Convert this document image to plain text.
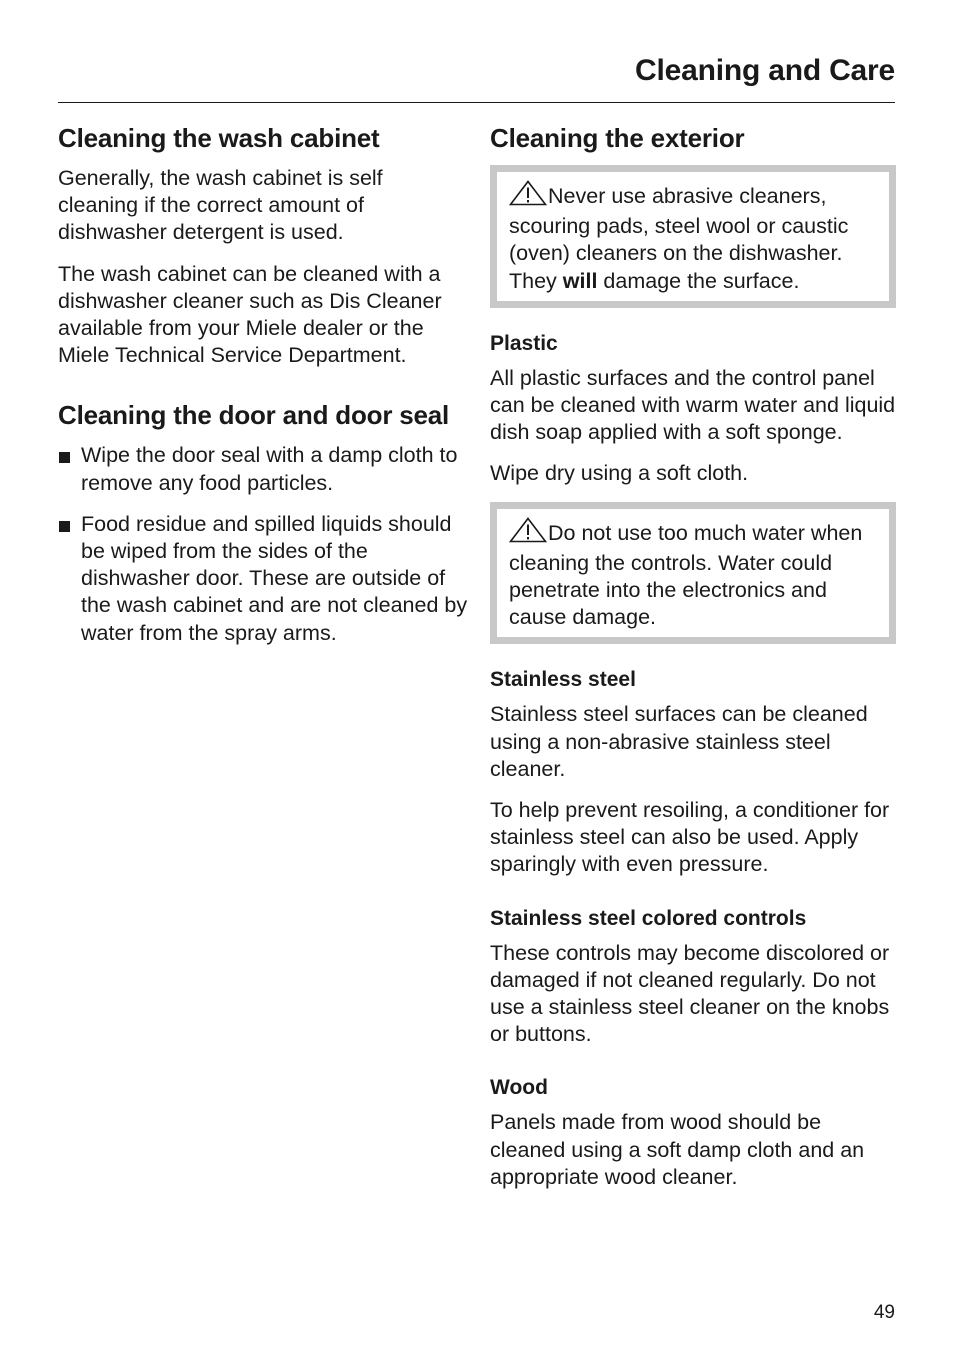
Cleaning and Care
Cleaning the wash cabinet

Generally, the wash cabinet is self cleaning if the correct amount of dishwasher detergent is used.

The wash cabinet can be cleaned with a dishwasher cleaner such as Dis Cleaner available from your Miele dealer or the Miele Technical Service Department.

Cleaning the door and door seal
Wipe the door seal with a damp cloth to remove any food particles.
Food residue and spilled liquids should be wiped from the sides of the dishwasher door. These are outside of the wash cabinet and are not cleaned by water from the spray arms.
Cleaning the exterior

Never use abrasive cleaners, scouring pads, steel wool or caustic (oven) cleaners on the dishwasher. They will damage the surface.

Plastic

All plastic surfaces and the control panel can be cleaned with warm water and liquid dish soap applied with a soft sponge.

Wipe dry using a soft cloth.

Do not use too much water when cleaning the controls. Water could penetrate into the electronics and cause damage.

Stainless steel

Stainless steel surfaces can be cleaned using a non-abrasive stainless steel cleaner.

To help prevent resoiling, a conditioner for stainless steel can also be used. Apply sparingly with even pressure.

Stainless steel colored controls

These controls may become discolored or damaged if not cleaned regularly. Do not use a stainless steel cleaner on the knobs or buttons.

Wood

Panels made from wood should be cleaned using a soft damp cloth and an appropriate wood cleaner.

49
